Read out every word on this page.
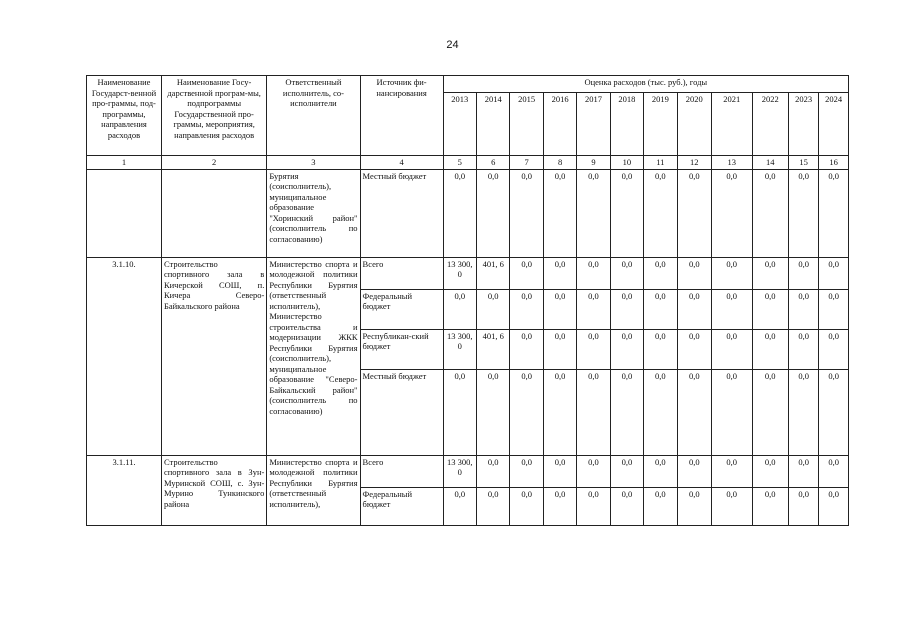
24
Наименование Государст-венной про-граммы, под-программы, направления расходов	Наименование Госу-дарственной програм-мы, подпрограммы Государственной про-граммы, мероприятия, направления расходов	Ответственный исполнитель, со-исполнители	Источник фи-нансирования	Оценка расходов (тыс. руб.), годы											
				2013	2014	2015	2016	2017	2018	2019	2020	2021	2022	2023	2024
1	2	3	4	5	6	7	8	9	10	11	12	13	14	15	16
		Бурятия (соисполнитель), муниципальное образование "Хоринский район" (соисполнитель по согласованию)	Местный бюджет	0,0	0,0	0,0	0,0	0,0	0,0	0,0	0,0	0,0	0,0	0,0	0,0
3.1.10.	Строительство спортивного зала в Кичерской СОШ, п. Кичера Северо-Байкальского района	Министерство спорта и молодежной политики Республики Бурятия (ответственный исполнитель), Министерство строительства и модернизации ЖКК Республики Бурятия (соисполнитель), муниципальное образование "Северо-Байкальский район" (соисполнитель по согласованию)	Всего	13 300, 0	401, 6	0,0	0,0	0,0	0,0	0,0	0,0	0,0	0,0	0,0	0,0
			Федеральный бюджет	0,0	0,0	0,0	0,0	0,0	0,0	0,0	0,0	0,0	0,0	0,0	0,0
			Республикан-ский бюджет	13 300, 0	401, 6	0,0	0,0	0,0	0,0	0,0	0,0	0,0	0,0	0,0	0,0
			Местный бюджет	0,0	0,0	0,0	0,0	0,0	0,0	0,0	0,0	0,0	0,0	0,0	0,0
3.1.11.	Строительство спортивного зала в Зун-Муринской СОШ, с. Зун-Мурино Тункинского района	Министерство спорта и молодежной политики Республики Бурятия (ответственный исполнитель),	Всего	13 300, 0	0,0	0,0	0,0	0,0	0,0	0,0	0,0	0,0	0,0	0,0	0,0
			Федеральный бюджет	0,0	0,0	0,0	0,0	0,0	0,0	0,0	0,0	0,0	0,0	0,0	0,0
